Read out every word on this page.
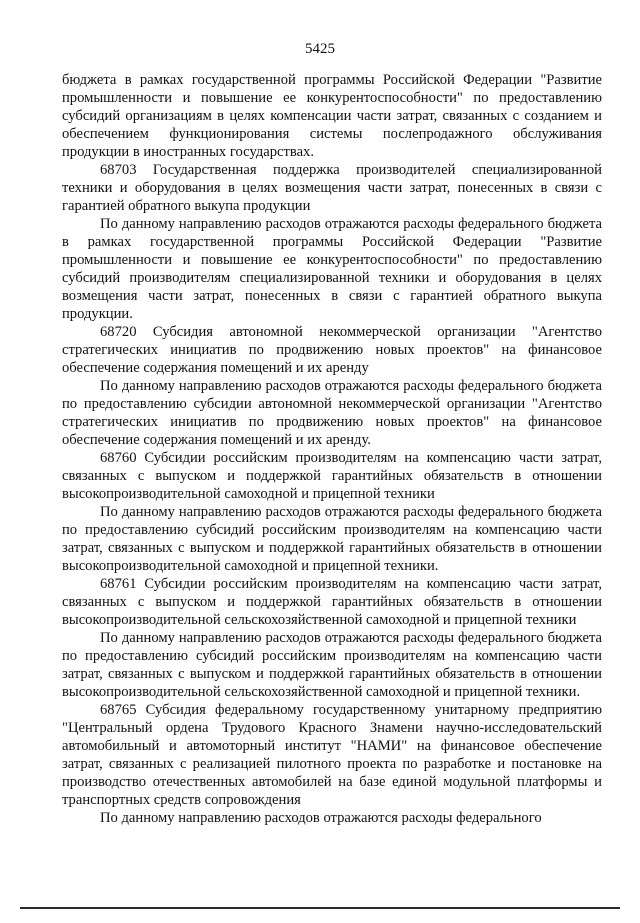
5425

бюджета в рамках государственной программы Российской Федерации "Развитие промышленности и повышение ее конкурентоспособности" по предоставлению субсидий организациям в целях компенсации части затрат, связанных с созданием и обеспечением функционирования системы послепродажного обслуживания продукции в иностранных государствах.

68703 Государственная поддержка производителей специализированной техники и оборудования в целях возмещения части затрат, понесенных в связи с гарантией обратного выкупа продукции

По данному направлению расходов отражаются расходы федерального бюджета в рамках государственной программы Российской Федерации "Развитие промышленности и повышение ее конкурентоспособности" по предоставлению субсидий производителям специализированной техники и оборудования в целях возмещения части затрат, понесенных в связи с гарантией обратного выкупа продукции.

68720 Субсидия автономной некоммерческой организации "Агентство стратегических инициатив по продвижению новых проектов" на финансовое обеспечение содержания помещений и их аренду

По данному направлению расходов отражаются расходы федерального бюджета по предоставлению субсидии автономной некоммерческой организации "Агентство стратегических инициатив по продвижению новых проектов" на финансовое обеспечение содержания помещений и их аренду.

68760 Субсидии российским производителям на компенсацию части затрат, связанных с выпуском и поддержкой гарантийных обязательств в отношении высокопроизводительной самоходной и прицепной техники

По данному направлению расходов отражаются расходы федерального бюджета по предоставлению субсидий российским производителям на компенсацию части затрат, связанных с выпуском и поддержкой гарантийных обязательств в отношении высокопроизводительной самоходной и прицепной техники.

68761 Субсидии российским производителям на компенсацию части затрат, связанных с выпуском и поддержкой гарантийных обязательств в отношении высокопроизводительной сельскохозяйственной самоходной и прицепной техники

По данному направлению расходов отражаются расходы федерального бюджета по предоставлению субсидий российским производителям на компенсацию части затрат, связанных с выпуском и поддержкой гарантийных обязательств в отношении высокопроизводительной сельскохозяйственной самоходной и прицепной техники.

68765 Субсидия федеральному государственному унитарному предприятию "Центральный ордена Трудового Красного Знамени научно-исследовательский автомобильный и автомоторный институт "НАМИ" на финансовое обеспечение затрат, связанных с реализацией пилотного проекта по разработке и постановке на производство отечественных автомобилей на базе единой модульной платформы и транспортных средств сопровождения

По данному направлению расходов отражаются расходы федерального
